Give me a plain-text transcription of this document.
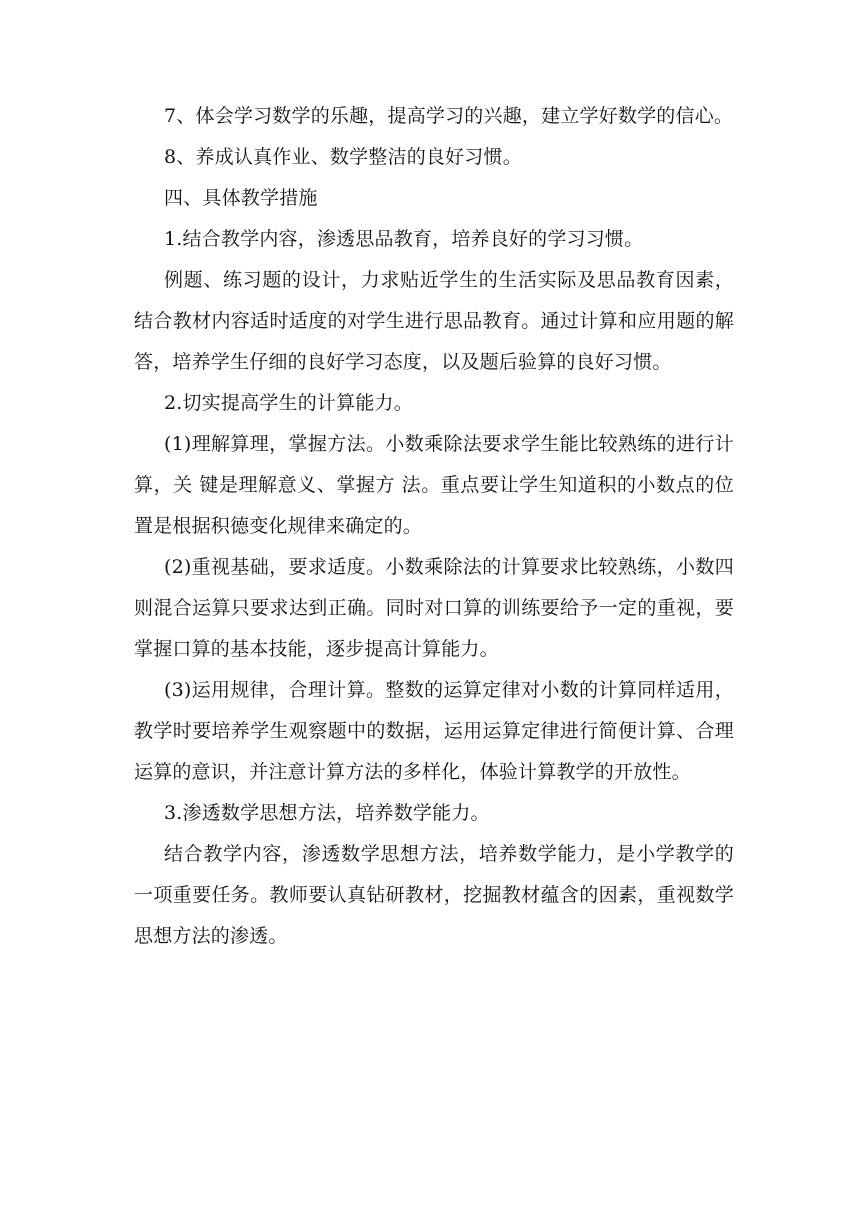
7、体会学习数学的乐趣，提高学习的兴趣，建立学好数学的信心。

8、养成认真作业、数学整洁的良好习惯。

四、具体教学措施

1.结合教学内容，渗透思品教育，培养良好的学习习惯。

例题、练习题的设计，力求贴近学生的生活实际及思品教育因素，结合教材内容适时适度的对学生进行思品教育。通过计算和应用题的解答，培养学生仔细的良好学习态度，以及题后验算的良好习惯。

2.切实提高学生的计算能力。

(1)理解算理，掌握方法。小数乘除法要求学生能比较熟练的进行计算，关 键是理解意义、掌握方 法。重点要让学生知道积的小数点的位置是根据积德变化规律来确定的。

(2)重视基础，要求适度。小数乘除法的计算要求比较熟练，小数四则混合运算只要求达到正确。同时对口算的训练要给予一定的重视，要掌握口算的基本技能，逐步提高计算能力。

(3)运用规律，合理计算。整数的运算定律对小数的计算同样适用，教学时要培养学生观察题中的数据，运用运算定律进行简便计算、合理运算的意识，并注意计算方法的多样化，体验计算教学的开放性。

3.渗透数学思想方法，培养数学能力。

结合教学内容，渗透数学思想方法，培养数学能力，是小学教学的一项重要任务。教师要认真钻研教材，挖掘教材蕴含的因素，重视数学思想方法的渗透。
